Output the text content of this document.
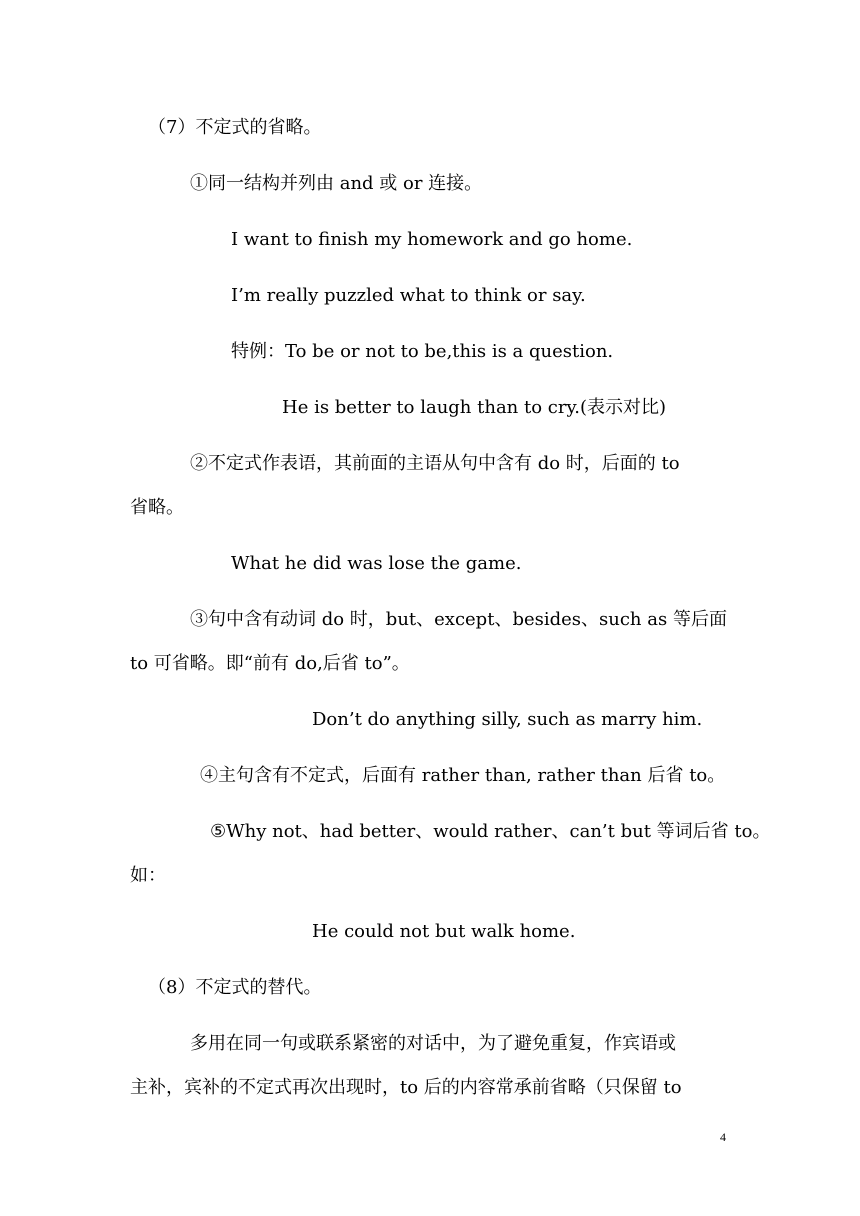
（7）不定式的省略。
①同一结构并列由 and 或 or 连接。
I want to finish my homework and go home.
I’m really puzzled what to think or say.
特例：To be or not to be,this is a question.
He is better to laugh than to cry.(表示对比)
②不定式作表语，其前面的主语从句中含有 do 时，后面的 to
省略。
What he did was lose the game.
③句中含有动词 do 时，but、except、besides、such as 等后面
to 可省略。即“前有 do,后省 to”。
Don’t do anything silly, such as marry him.
④主句含有不定式，后面有 rather than, rather than 后省 to。
⑤Why not、had better、would rather、can’t but 等词后省 to。
如：
He could not but walk home.
（8）不定式的替代。
多用在同一句或联系紧密的对话中，为了避免重复，作宾语或
主补，宾补的不定式再次出现时，to 后的内容常承前省略（只保留 to
4
